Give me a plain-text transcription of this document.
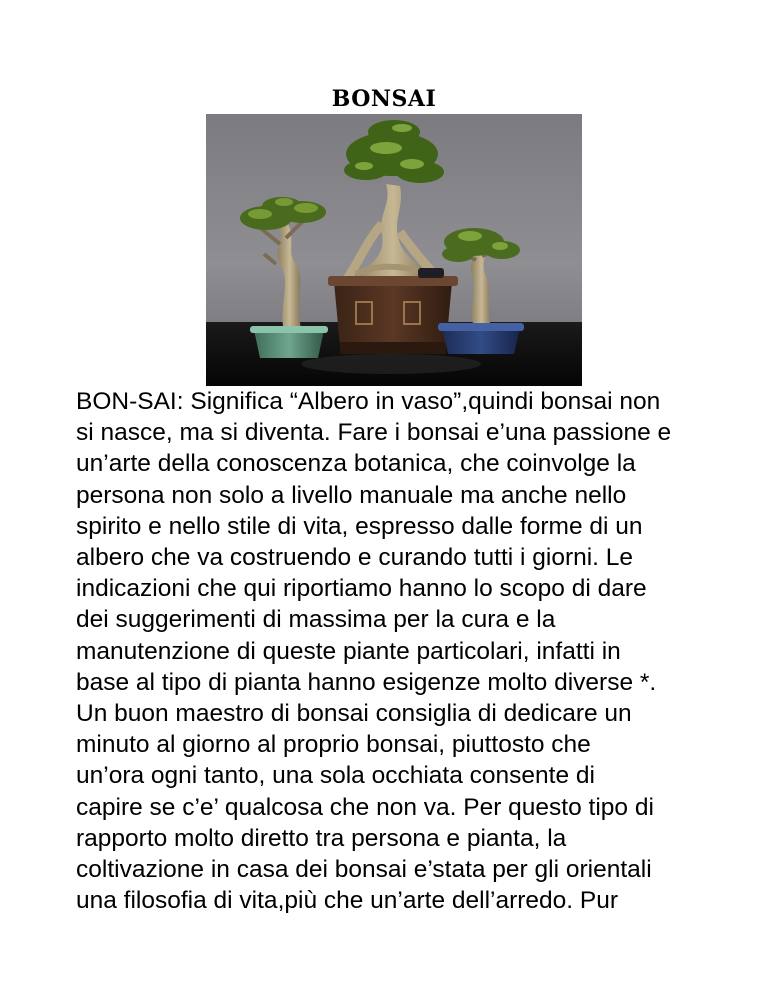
BONSAI
BON-SAI: Significa “Albero in vaso”,quindi bonsai non
si nasce, ma si diventa. Fare i bonsai e’una passione e
un’arte della conoscenza botanica, che coinvolge la
persona non solo a livello manuale ma anche nello
spirito e nello stile di vita, espresso dalle forme di un
albero che va costruendo e curando tutti i giorni. Le
indicazioni che qui riportiamo hanno lo scopo di dare
dei suggerimenti di massima per la cura e la
manutenzione di queste piante particolari, infatti in
base al tipo di pianta hanno esigenze molto diverse *.
Un buon maestro di bonsai consiglia di dedicare un
minuto al giorno al proprio bonsai, piuttosto che
un’ora ogni tanto, una sola occhiata consente di
capire se c’e’ qualcosa che non va. Per questo tipo di
rapporto molto diretto tra persona e pianta, la
coltivazione in casa dei bonsai e’stata per gli orientali
una filosofia di vita,più che un’arte dell’arredo. Pur
